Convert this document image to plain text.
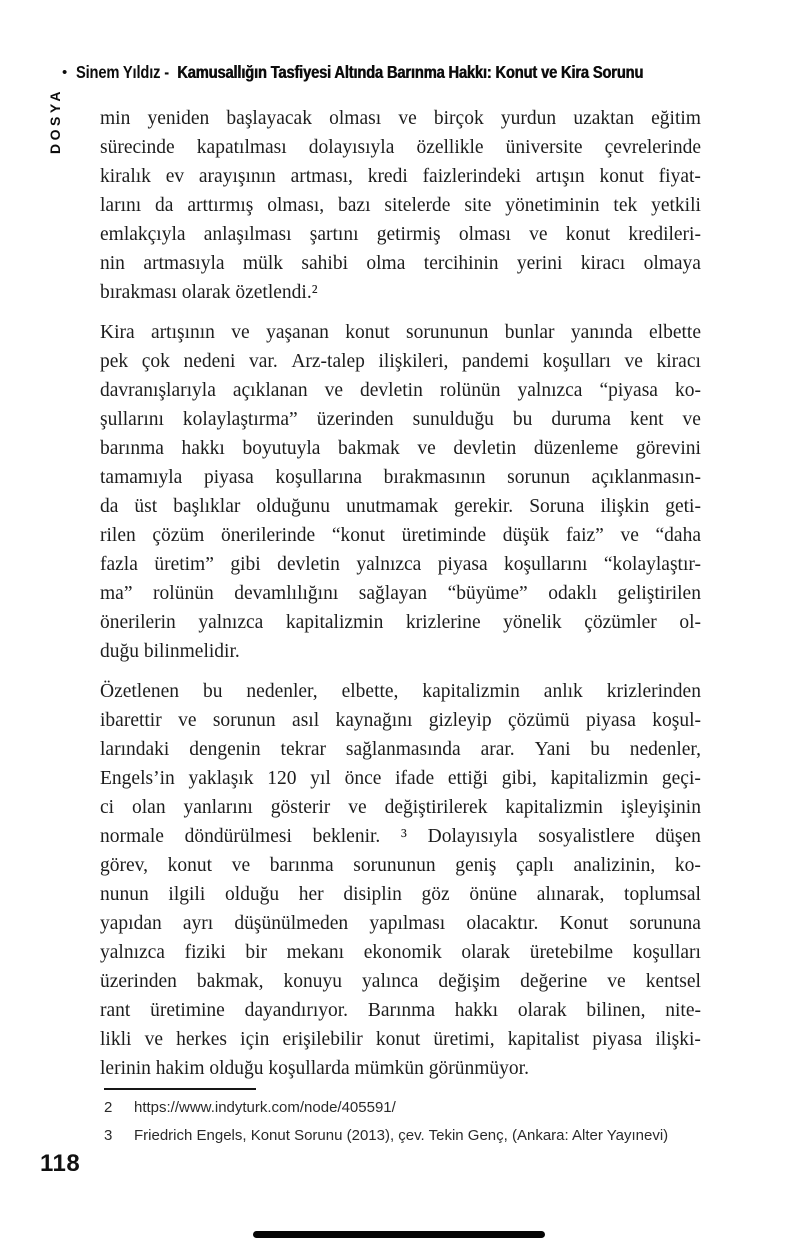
• Sinem Yıldız - Kamusallığın Tasfiyesi Altında Barınma Hakkı: Konut ve Kira Sorunu
DOSYA min yeniden başlayacak olması ve birçok yurdun uzaktan eğitim
sürecinde kapatılması dolayısıyla özellikle üniversite çevrelerinde
kiralık ev arayışının artması, kredi faizlerindeki artışın konut fiyat-
larını da arttırmış olması, bazı sitelerde site yönetiminin tek yetkili
emlakçıyla anlaşılması şartını getirmiş olması ve konut kredileri-
nin artmasıyla mülk sahibi olma tercihinin yerini kiracı olmaya
bırakması olarak özetlendi.²
Kira artışının ve yaşanan konut sorununun bunlar yanında elbette
pek çok nedeni var. Arz-talep ilişkileri, pandemi koşulları ve kiracı
davranışlarıyla açıklanan ve devletin rolünün yalnızca “piyasa ko-
şullarını kolaylaştırma” üzerinden sunulduğu bu duruma kent ve
barınma hakkı boyutuyla bakmak ve devletin düzenleme görevini
tamamıyla piyasa koşullarına bırakmasının sorunun açıklanmasın-
da üst başlıklar olduğunu unutmamak gerekir. Soruna ilişkin geti-
rilen çözüm önerilerinde “konut üretiminde düşük faiz” ve “daha
fazla üretim” gibi devletin yalnızca piyasa koşullarını “kolaylaştır-
ma” rolünün devamlılığını sağlayan “büyüme” odaklı geliştirilen
önerilerin yalnızca kapitalizmin krizlerine yönelik çözümler ol-
duğu bilinmelidir.
Özetlenen bu nedenler, elbette, kapitalizmin anlık krizlerinden
ibarettir ve sorunun asıl kaynağını gizleyip çözümü piyasa koşul-
larındaki dengenin tekrar sağlanmasında arar. Yani bu nedenler,
Engels’in yaklaşık 120 yıl önce ifade ettiği gibi, kapitalizmin geçi-
ci olan yanlarını gösterir ve değiştirilerek kapitalizmin işleyişinin
normale döndürülmesi beklenir. ³ Dolayısıyla sosyalistlere düşen
görev, konut ve barınma sorununun geniş çaplı analizinin, ko-
nunun ilgili olduğu her disiplin göz önüne alınarak, toplumsal
yapıdan ayrı düşünülmeden yapılması olacaktır. Konut sorununa
yalnızca fiziki bir mekanı ekonomik olarak üretebilme koşulları
üzerinden bakmak, konuyu yalınca değişim değerine ve kentsel
rant üretimine dayandırıyor. Barınma hakkı olarak bilinen, nite-
likli ve herkes için erişilebilir konut üretimi, kapitalist piyasa ilişki-
lerinin hakim olduğu koşullarda mümkün görünmüyor.
2	https://www.indyturk.com/node/405591/
3	Friedrich Engels, Konut Sorunu (2013), çev. Tekin Genç, (Ankara: Alter Yayınevi)
118
